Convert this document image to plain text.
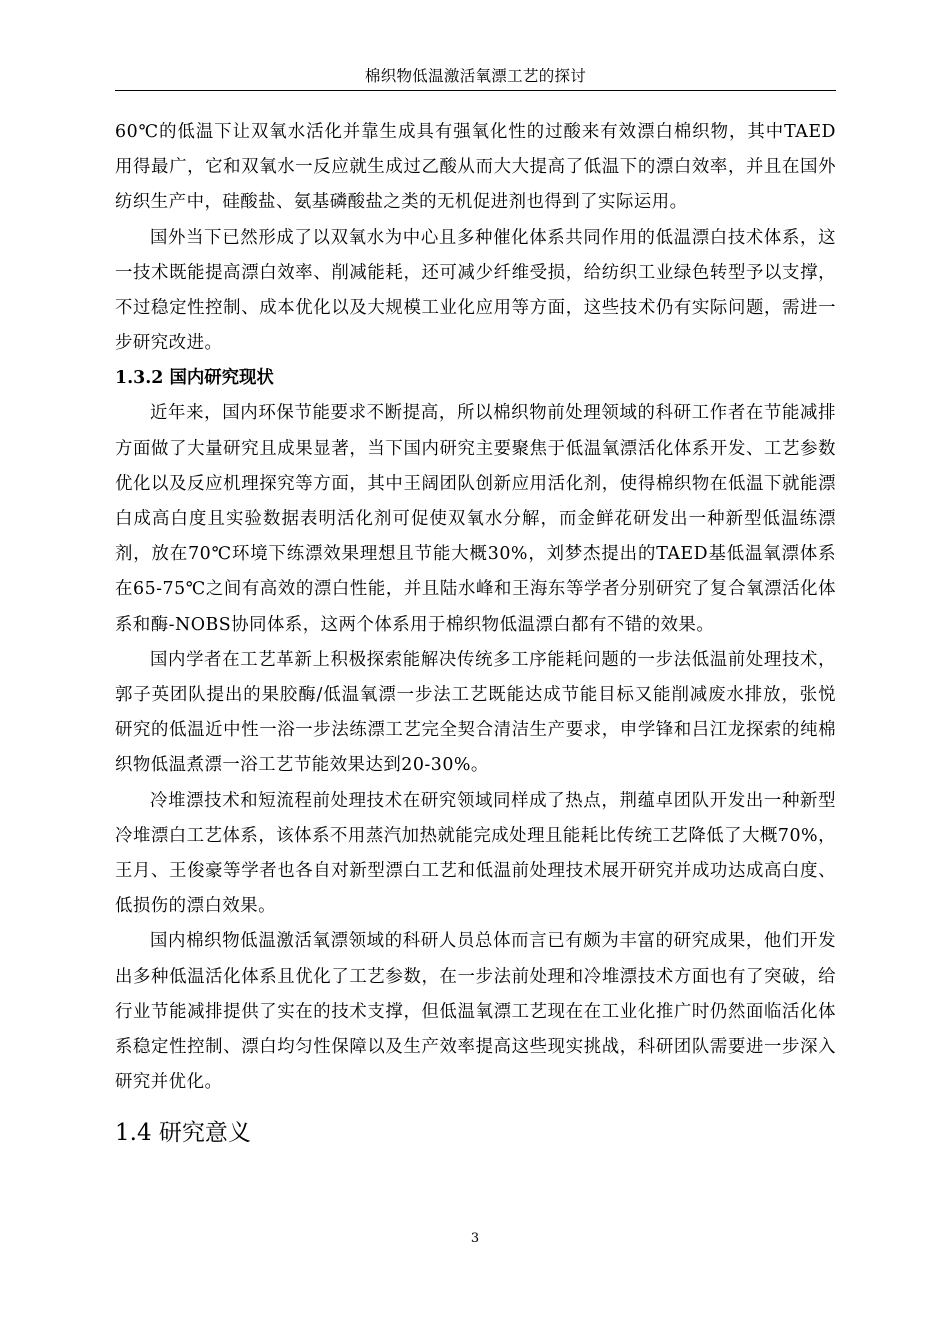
棉织物低温激活氧漂工艺的探讨

60℃的低温下让双氧水活化并靠生成具有强氧化性的过酸来有效漂白棉织物，其中TAED用得最广，它和双氧水一反应就生成过乙酸从而大大提高了低温下的漂白效率，并且在国外纺织生产中，硅酸盐、氨基磷酸盐之类的无机促进剂也得到了实际运用。

国外当下已然形成了以双氧水为中心且多种催化体系共同作用的低温漂白技术体系，这一技术既能提高漂白效率、削减能耗，还可减少纤维受损，给纺织工业绿色转型予以支撑，不过稳定性控制、成本优化以及大规模工业化应用等方面，这些技术仍有实际问题，需进一步研究改进。

1.3.2 国内研究现状

近年来，国内环保节能要求不断提高，所以棉织物前处理领域的科研工作者在节能减排方面做了大量研究且成果显著，当下国内研究主要聚焦于低温氧漂活化体系开发、工艺参数优化以及反应机理探究等方面，其中王阔团队创新应用活化剂，使得棉织物在低温下就能漂白成高白度且实验数据表明活化剂可促使双氧水分解，而金鲜花研发出一种新型低温练漂剂，放在70℃环境下练漂效果理想且节能大概30%，刘梦杰提出的TAED基低温氧漂体系在65-75℃之间有高效的漂白性能，并且陆水峰和王海东等学者分别研究了复合氧漂活化体系和酶-NOBS协同体系，这两个体系用于棉织物低温漂白都有不错的效果。

国内学者在工艺革新上积极探索能解决传统多工序能耗问题的一步法低温前处理技术，郭子英团队提出的果胶酶/低温氧漂一步法工艺既能达成节能目标又能削减废水排放，张悦研究的低温近中性一浴一步法练漂工艺完全契合清洁生产要求，申学锋和吕江龙探索的纯棉织物低温煮漂一浴工艺节能效果达到20-30%。

冷堆漂技术和短流程前处理技术在研究领域同样成了热点，荆蕴卓团队开发出一种新型冷堆漂白工艺体系，该体系不用蒸汽加热就能完成处理且能耗比传统工艺降低了大概70%，王月、王俊豪等学者也各自对新型漂白工艺和低温前处理技术展开研究并成功达成高白度、低损伤的漂白效果。

国内棉织物低温激活氧漂领域的科研人员总体而言已有颇为丰富的研究成果，他们开发出多种低温活化体系且优化了工艺参数，在一步法前处理和冷堆漂技术方面也有了突破，给行业节能减排提供了实在的技术支撑，但低温氧漂工艺现在在工业化推广时仍然面临活化体系稳定性控制、漂白均匀性保障以及生产效率提高这些现实挑战，科研团队需要进一步深入研究并优化。

1.4 研究意义
3
